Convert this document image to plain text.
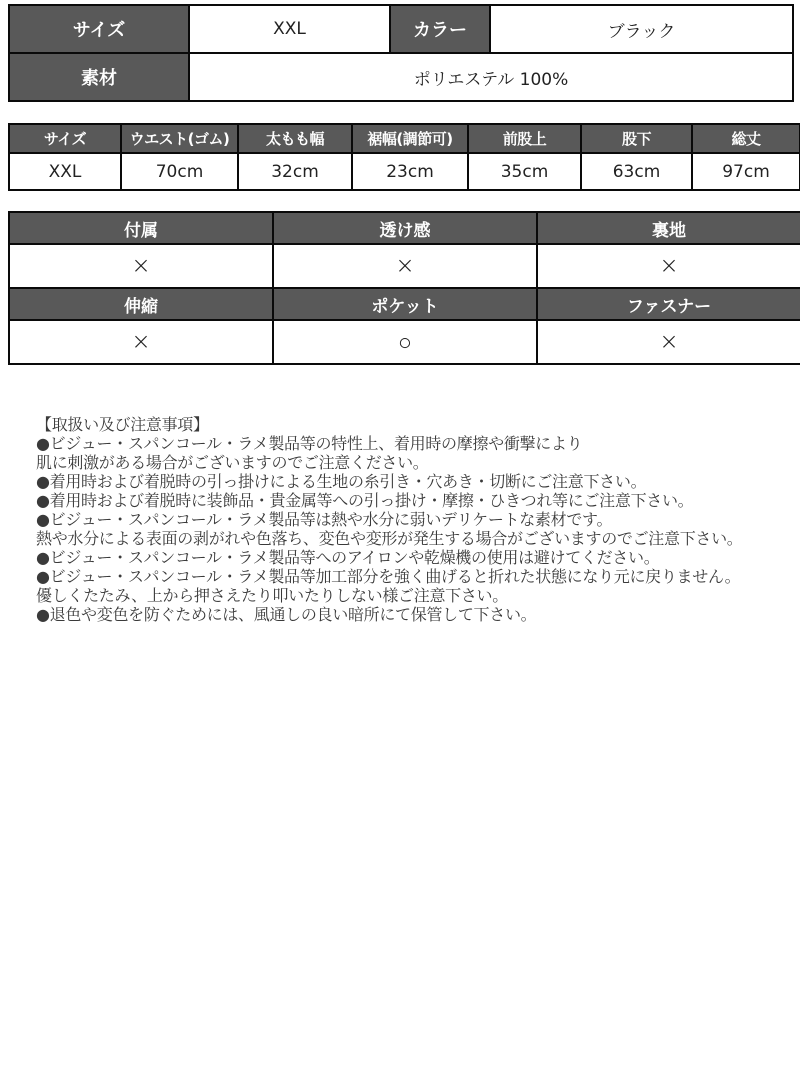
サイズ	XXL	カラー	ブラック
素材	ポリエステル 100%		
サイズ	ウエスト(ゴム)	太もも幅	裾幅(調節可)	前股上	股下	総丈
XXL	70cm	32cm	23cm	35cm	63cm	97cm
付属	透け感	裏地
×	×	×
伸縮	ポケット	ファスナー
×	○	×
【取扱い及び注意事項】
●ビジュー・スパンコール・ラメ製品等の特性上、着用時の摩擦や衝撃により
肌に刺激がある場合がございますのでご注意ください。
●着用時および着脱時の引っ掛けによる生地の糸引き・穴あき・切断にご注意下さい。
●着用時および着脱時に装飾品・貴金属等への引っ掛け・摩擦・ひきつれ等にご注意下さい。
●ビジュー・スパンコール・ラメ製品等は熱や水分に弱いデリケートな素材です。
熱や水分による表面の剥がれや色落ち、変色や変形が発生する場合がございますのでご注意下さい。
●ビジュー・スパンコール・ラメ製品等へのアイロンや乾燥機の使用は避けてください。
●ビジュー・スパンコール・ラメ製品等加工部分を強く曲げると折れた状態になり元に戻りません。
優しくたたみ、上から押さえたり叩いたりしない様ご注意下さい。
●退色や変色を防ぐためには、風通しの良い暗所にて保管して下さい。
